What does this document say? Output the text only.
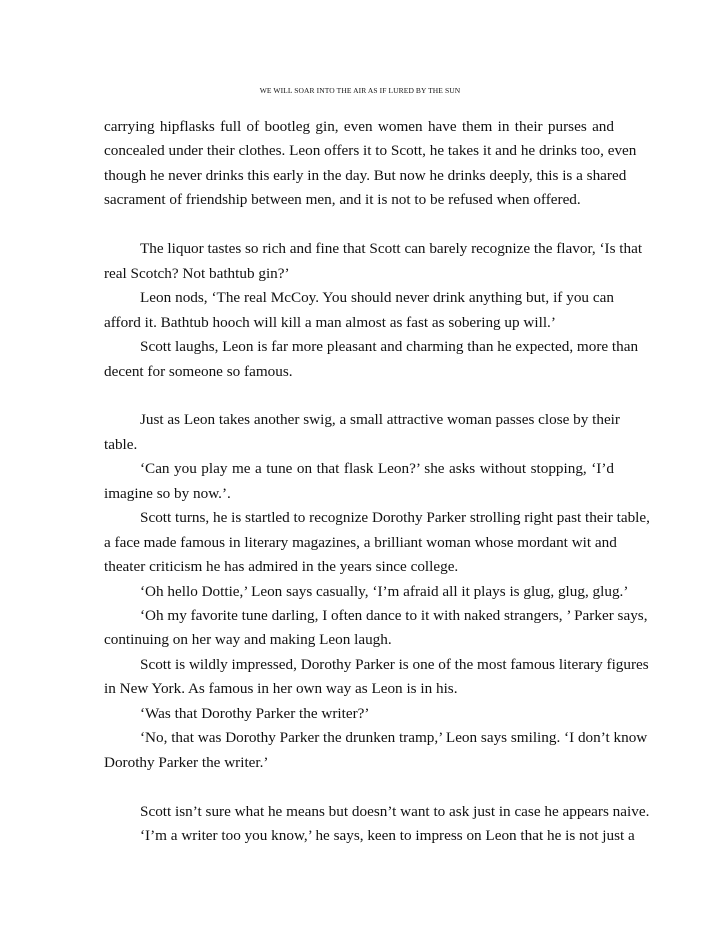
WE WILL SOAR INTO THE AIR AS IF LURED BY THE SUN
carrying hipflasks full of bootleg gin, even women have them in their purses and
concealed under their clothes. Leon offers it to Scott, he takes it and he drinks too, even
though he never drinks this early in the day. But now he drinks deeply, this is a shared
sacrament of friendship between men, and it is not to be refused when offered.
The liquor tastes so rich and fine that Scott can barely recognize the flavor, ‘Is that
real Scotch? Not bathtub gin?’
Leon nods, ‘The real McCoy. You should never drink anything but, if you can
afford it. Bathtub hooch will kill a man almost as fast as sobering up will.’
Scott laughs, Leon is far more pleasant and charming than he expected, more than
decent for someone so famous.
Just as Leon takes another swig, a small attractive woman passes close by their
table.
‘Can you play me a tune on that flask Leon?’ she asks without stopping, ‘I’d
imagine so by now.’.
Scott turns, he is startled to recognize Dorothy Parker strolling right past their table,
a face made famous in literary magazines, a brilliant woman whose mordant wit and
theater criticism he has admired in the years since college.
‘Oh hello Dottie,’ Leon says casually, ‘I’m afraid all it plays is glug, glug, glug.’
‘Oh my favorite tune darling, I often dance to it with naked strangers, ’ Parker says,
continuing on her way and making Leon laugh.
Scott is wildly impressed, Dorothy Parker is one of the most famous literary figures
in New York. As famous in her own way as Leon is in his.
‘Was that Dorothy Parker the writer?’
‘No, that was Dorothy Parker the drunken tramp,’ Leon says smiling. ‘I don’t know
Dorothy Parker the writer.’
Scott isn’t sure what he means but doesn’t want to ask just in case he appears naive.
‘I’m a writer too you know,’ he says, keen to impress on Leon that he is not just a
